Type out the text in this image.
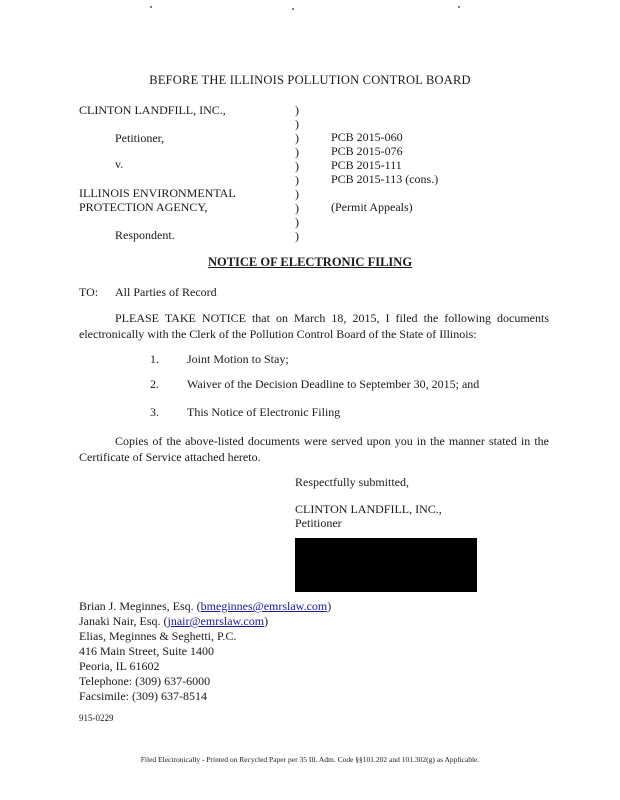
BEFORE THE ILLINOIS POLLUTION CONTROL BOARD
CLINTON LANDFILL, INC.,
Petitioner,
v.
ILLINOIS ENVIRONMENTAL
PROTECTION AGENCY,
Respondent.
)
)
)
)
)
)
)
)
)
)
PCB 2015-060
PCB 2015-076
PCB 2015-111
PCB 2015-113 (cons.)
(Permit Appeals)
NOTICE OF ELECTRONIC FILING
TO: All Parties of Record
PLEASE TAKE NOTICE that on March 18, 2015, I filed the following documents electronically with the Clerk of the Pollution Control Board of the State of Illinois:
1. Joint Motion to Stay;
2. Waiver of the Decision Deadline to September 30, 2015; and
3. This Notice of Electronic Filing
Copies of the above-listed documents were served upon you in the manner stated in the Certificate of Service attached hereto.
Respectfully submitted,
CLINTON LANDFILL, INC.,
Petitioner
Brian J. Meginnes, Esq. (bmeginnes@emrslaw.com)
Janaki Nair, Esq. (jnair@emrslaw.com)
Elias, Meginnes & Seghetti, P.C.
416 Main Street, Suite 1400
Peoria, IL 61602
Telephone: (309) 637-6000
Facsimile: (309) 637-8514
915-0229
Filed Electronically - Printed on Recycled Paper per 35 Ill. Adm. Code §§101.202 and 101.302(g) as Applicable.
